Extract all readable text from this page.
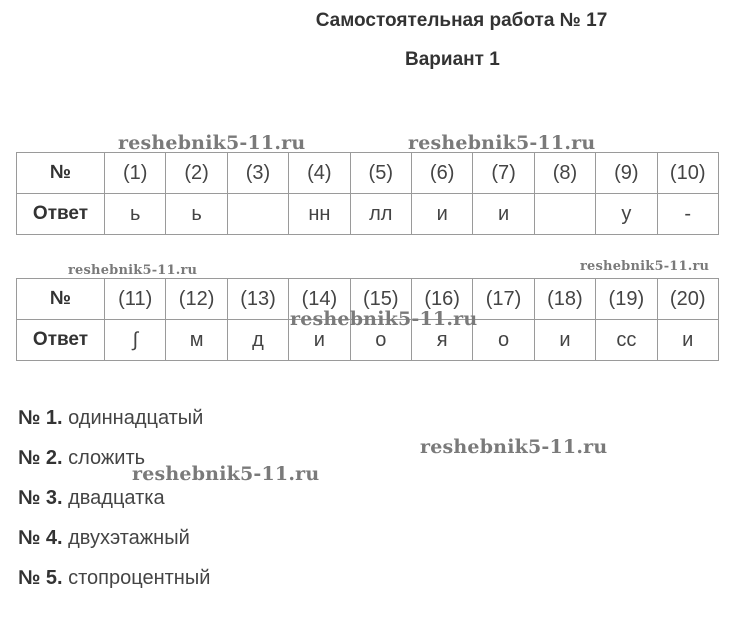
Самостоятельная работа № 17
Вариант 1
№	(1)	(2)	(3)	(4)	(5)	(6)	(7)	(8)	(9)	(10)
Ответ	ь	ь		нн	лл	и	и		у	-
№	(11)	(12)	(13)	(14)	(15)	(16)	(17)	(18)	(19)	(20)
Ответ	∫	м	д	и	о	я	о	и	сс	и
№ 1. одиннадцатый
№ 2. сложить
№ 3. двадцатка
№ 4. двухэтажный
№ 5. стопроцентный
reshebnik5-11.ru	reshebnik5-11.ru
reshebnik5-11.ru	reshebnik5-11.ru
reshebnik5-11.ru
reshebnik5-11.ru
reshebnik5-11.ru
